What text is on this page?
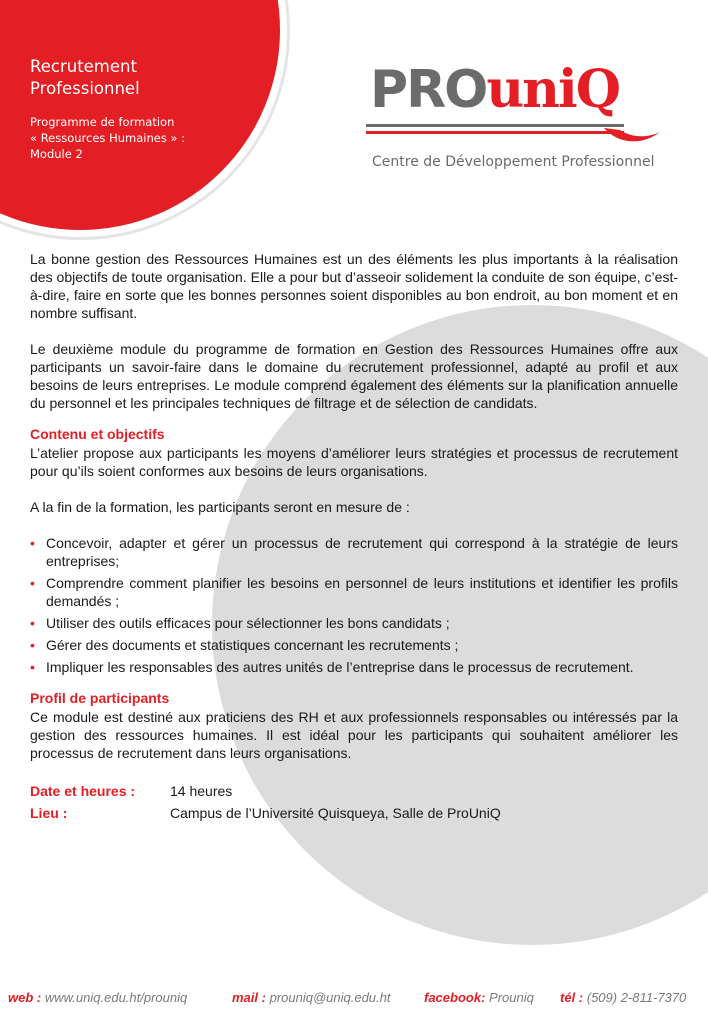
Recrutement
Professionnel
Programme de formation
« Ressources Humaines » :
Module 2
PROuniQ
Centre de Développement Professionnel

La bonne gestion des Ressources Humaines est un des éléments les plus importants à la réalisation des objectifs de toute organisation. Elle a pour but d’asseoir solidement la conduite de son équipe, c’est-à-dire, faire en sorte que les bonnes personnes soient disponibles au bon endroit, au bon moment et en nombre suffisant.

Le deuxième module du programme de formation en Gestion des Ressources Humaines offre aux participants un savoir-faire dans le domaine du recrutement professionnel, adapté au profil et aux besoins de leurs entreprises. Le module comprend également des éléments sur la planification annuelle du personnel et les principales techniques de filtrage et de sélection de candidats.

Contenu et objectifs

L’atelier propose aux participants les moyens d’améliorer leurs stratégies et processus de recrutement pour qu’ils soient conformes aux besoins de leurs organisations.

A la fin de la formation, les participants seront en mesure de :

• Concevoir, adapter et gérer un processus de recrutement qui correspond à la stratégie de leurs entreprises;
• Comprendre comment planifier les besoins en personnel de leurs institutions et identifier les profils demandés ;
• Utiliser des outils efficaces pour sélectionner les bons candidats ;
• Gérer des documents et statistiques concernant les recrutements ;
• Impliquer les responsables des autres unités de l’entreprise dans le processus de recrutement.
Profil de participants

Ce module est destiné aux praticiens des RH et aux professionnels responsables ou intéressés par la gestion des ressources humaines. Il est idéal pour les participants qui souhaitent améliorer les processus de recrutement dans leurs organisations.

Date et heures :	14 heures
Lieu :	Campus de l’Université Quisqueya, Salle de ProUniQ
web : www.uniq.edu.ht/prouniq	mail : prouniq@uniq.edu.ht	facebook: Prouniq tél : (509) 2-811-7370
